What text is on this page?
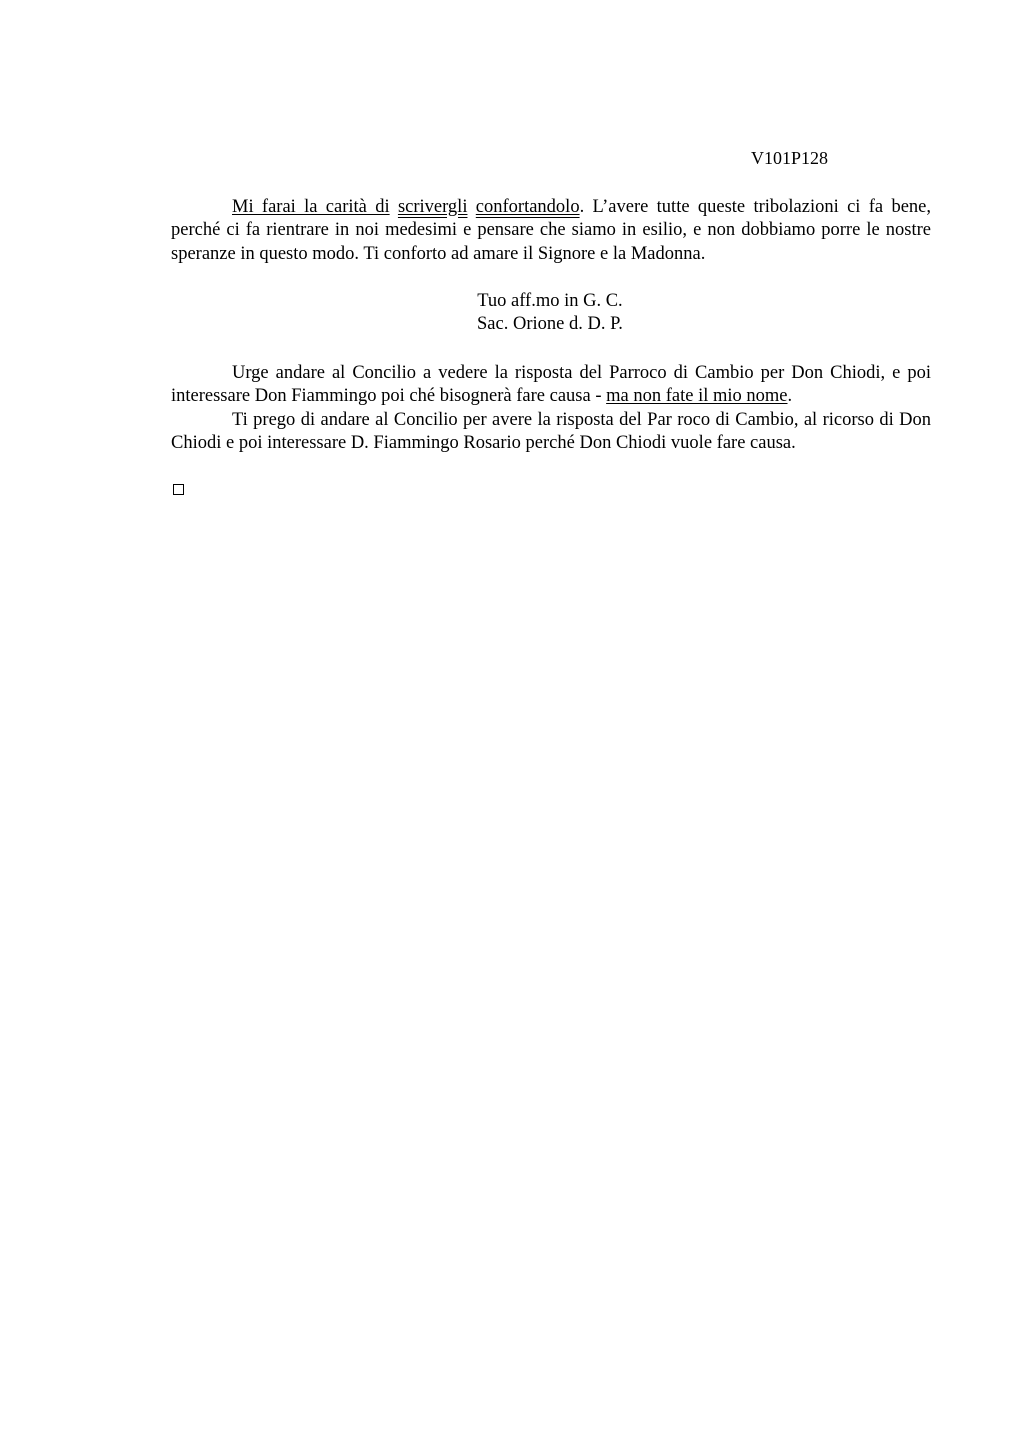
V101P128

Mi farai la carità di scrivergli confortandolo. L’avere tutte queste tribolazioni ci fa bene, perché ci fa rientrare in noi medesimi e pensare che siamo in esilio, e non dobbiamo porre le nostre speranze in questo modo. Ti conforto ad amare il Signore e la Madonna.

Tuo aff.mo in G. C.
Sac. Orione d. D. P.

Urge andare al Concilio a vedere la risposta del Parroco di Cambio per Don Chiodi, e poi interessare Don Fiammingo poi ché bisognerà fare causa - ma non fate il mio nome.

Ti prego di andare al Concilio per avere la risposta del Par roco di Cambio, al ricorso di Don Chiodi e poi interessare D. Fiammingo Rosario perché Don Chiodi vuole fare causa.
